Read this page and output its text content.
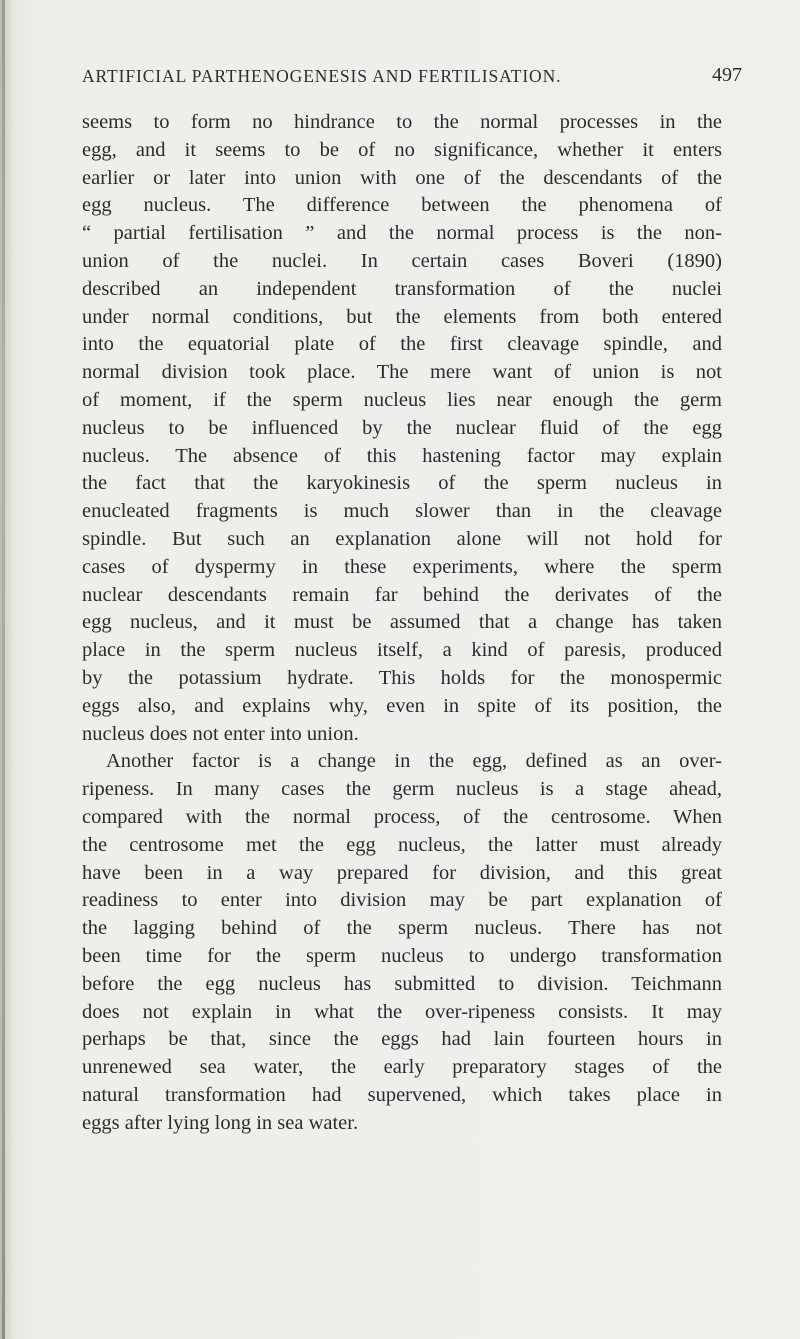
ARTIFICIAL PARTHENOGENESIS AND FERTILISATION.	497
seems to form no hindrance to the normal processes in the
egg, and it seems to be of no significance, whether it enters
earlier or later into union with one of the descendants of the
egg nucleus. The difference between the phenomena of
“ partial fertilisation ” and the normal process is the non-
union of the nuclei. In certain cases Boveri (1890)
described an independent transformation of the nuclei
under normal conditions, but the elements from both entered
into the equatorial plate of the first cleavage spindle, and
normal division took place. The mere want of union is not
of moment, if the sperm nucleus lies near enough the germ
nucleus to be influenced by the nuclear fluid of the egg
nucleus. The absence of this hastening factor may explain
the fact that the karyokinesis of the sperm nucleus in
enucleated fragments is much slower than in the cleavage
spindle. But such an explanation alone will not hold for
cases of dyspermy in these experiments, where the sperm
nuclear descendants remain far behind the derivates of the
egg nucleus, and it must be assumed that a change has taken
place in the sperm nucleus itself, a kind of paresis, produced
by the potassium hydrate. This holds for the monospermic
eggs also, and explains why, even in spite of its position, the
nucleus does not enter into union.
Another factor is a change in the egg, defined as an over-
ripeness. In many cases the germ nucleus is a stage ahead,
compared with the normal process, of the centrosome. When
the centrosome met the egg nucleus, the latter must already
have been in a way prepared for division, and this great
readiness to enter into division may be part explanation of
the lagging behind of the sperm nucleus. There has not
been time for the sperm nucleus to undergo transformation
before the egg nucleus has submitted to division. Teichmann
does not explain in what the over-ripeness consists. It may
perhaps be that, since the eggs had lain fourteen hours in
unrenewed sea water, the early preparatory stages of the
natural transformation had supervened, which takes place in
eggs after lying long in sea water.
